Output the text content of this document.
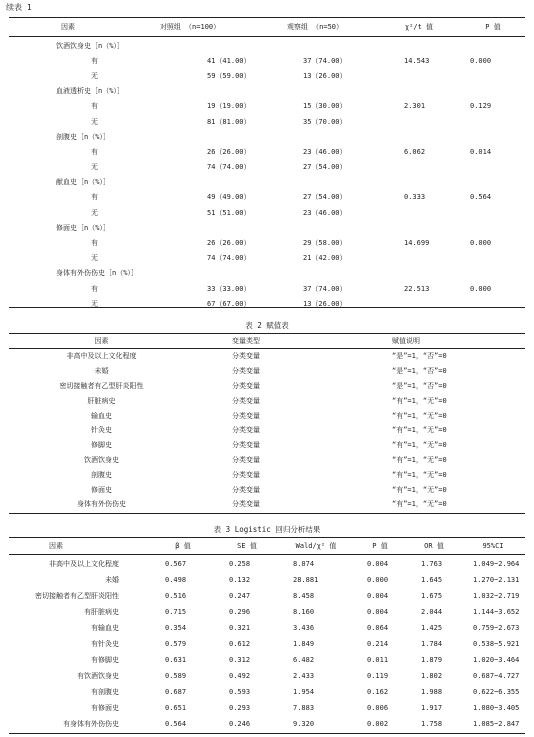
续表 1
因素	对照组 （n=100）	观察组 （n=50）	χ²/t 值	P 值
饮酒饮身史［n（%）］				
有	41（41.00）	37（74.00）	14.543	0.000
无	59（59.00）	13（26.00）		
血液透析史［n（%）］				
有	19（19.00）	15（30.00）	2.301	0.129
无	81（81.00）	35（70.00）		
剖腹史［n（%）］				
有	26（26.00）	23（46.00）	6.062	0.014
无	74（74.00）	27（54.00）		
献血史［n（%）］				
有	49（49.00）	27（54.00）	0.333	0.564
无	51（51.00）	23（46.00）		
修面史［n（%）］				
有	26（26.00）	29（58.00）	14.699	0.000
无	74（74.00）	21（42.00）		
身体有外伤伤史［n（%）］				
有	33（33.00）	37（74.00）	22.513	0.000
无	67（67.00）	13（26.00）		
表 2 赋值表
因素	变量类型	赋值说明
非高中及以上文化程度	分类变量	“是”=1，“否”=0
未婚	分类变量	“是”=1，“否”=0
密切接触者有乙型肝炎阳性	分类变量	“是”=1，“否”=0
肝脏病史	分类变量	“有”=1，“无”=0
输血史	分类变量	“有”=1，“无”=0
针灸史	分类变量	“有”=1，“无”=0
修脚史	分类变量	“有”=1，“无”=0
饮酒饮身史	分类变量	“有”=1，“无”=0
剖腹史	分类变量	“有”=1，“无”=0
修面史	分类变量	“有”=1，“无”=0
身体有外伤伤史	分类变量	“有”=1，“无”=0
表 3 Logistic 回归分析结果
因素	β 值	SE 值	Wald/χ² 值	P 值	OR 值	95%CI
非高中及以上文化程度	0.567	0.258	8.074	0.004	1.763	1.049~2.964
未婚	0.498	0.132	28.881	0.000	1.645	1.270~2.131
密切接触者有乙型肝炎阳性	0.516	0.247	8.458	0.004	1.675	1.032~2.719
有肝脏病史	0.715	0.296	8.160	0.004	2.044	1.144~3.652
有输血史	0.354	0.321	3.436	0.064	1.425	0.759~2.673
有针灸史	0.579	0.612	1.849	0.214	1.784	0.538~5.921
有修脚史	0.631	0.312	6.482	0.011	1.879	1.020~3.464
有饮酒饮身史	0.589	0.492	2.433	0.119	1.802	0.687~4.727
有剖腹史	0.687	0.593	1.954	0.162	1.988	0.622~6.355
有修面史	0.651	0.293	7.883	0.006	1.917	1.080~3.405
有身体有外伤伤史	0.564	0.246	9.320	0.002	1.758	1.085~2.847
